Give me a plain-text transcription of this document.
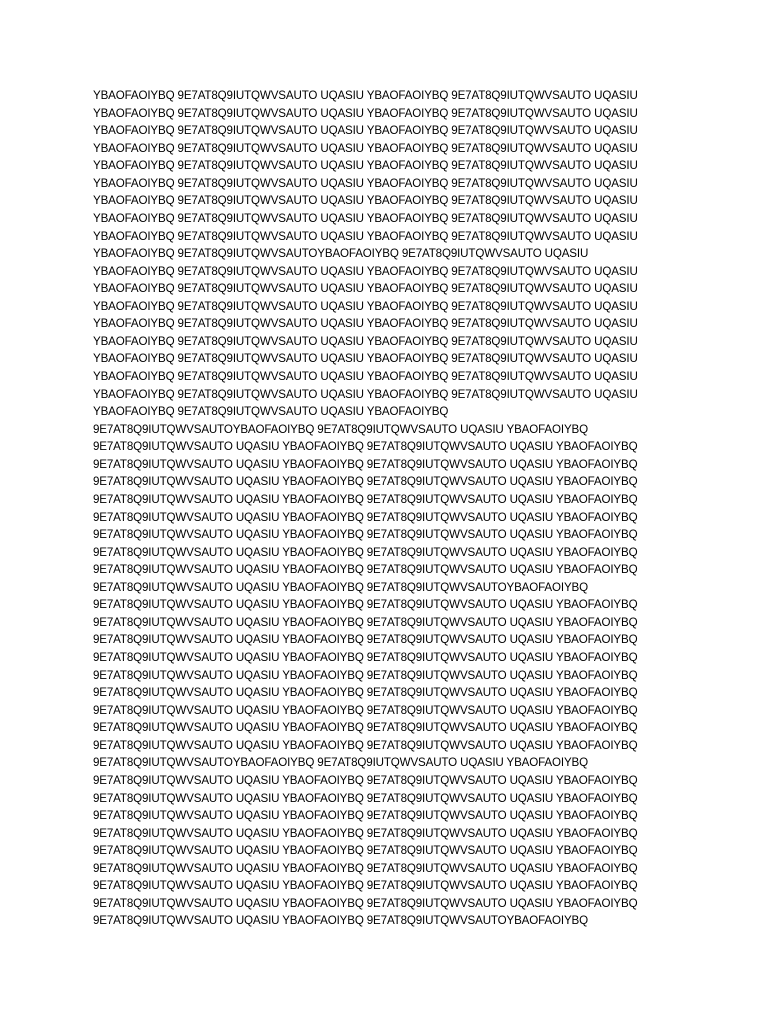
YBAOFAOIYBQ 9E7AT8Q9IUTQWVSAUTO UQASIU YBAOFAOIYBQ 9E7AT8Q9IUTQWVSAUTO UQASIU
YBAOFAOIYBQ 9E7AT8Q9IUTQWVSAUTO UQASIU YBAOFAOIYBQ 9E7AT8Q9IUTQWVSAUTO UQASIU
YBAOFAOIYBQ 9E7AT8Q9IUTQWVSAUTO UQASIU YBAOFAOIYBQ 9E7AT8Q9IUTQWVSAUTO UQASIU
YBAOFAOIYBQ 9E7AT8Q9IUTQWVSAUTO UQASIU YBAOFAOIYBQ 9E7AT8Q9IUTQWVSAUTO UQASIU
YBAOFAOIYBQ 9E7AT8Q9IUTQWVSAUTO UQASIU YBAOFAOIYBQ 9E7AT8Q9IUTQWVSAUTO UQASIU
YBAOFAOIYBQ 9E7AT8Q9IUTQWVSAUTO UQASIU YBAOFAOIYBQ 9E7AT8Q9IUTQWVSAUTO UQASIU
YBAOFAOIYBQ 9E7AT8Q9IUTQWVSAUTO UQASIU YBAOFAOIYBQ 9E7AT8Q9IUTQWVSAUTO UQASIU
YBAOFAOIYBQ 9E7AT8Q9IUTQWVSAUTO UQASIU YBAOFAOIYBQ 9E7AT8Q9IUTQWVSAUTO UQASIU
YBAOFAOIYBQ 9E7AT8Q9IUTQWVSAUTO UQASIU YBAOFAOIYBQ 9E7AT8Q9IUTQWVSAUTO UQASIU
YBAOFAOIYBQ 9E7AT8Q9IUTQWVSAUTOYBAOFAOIYBQ 9E7AT8Q9IUTQWVSAUTO UQASIU
YBAOFAOIYBQ 9E7AT8Q9IUTQWVSAUTO UQASIU YBAOFAOIYBQ 9E7AT8Q9IUTQWVSAUTO UQASIU
YBAOFAOIYBQ 9E7AT8Q9IUTQWVSAUTO UQASIU YBAOFAOIYBQ 9E7AT8Q9IUTQWVSAUTO UQASIU
YBAOFAOIYBQ 9E7AT8Q9IUTQWVSAUTO UQASIU YBAOFAOIYBQ 9E7AT8Q9IUTQWVSAUTO UQASIU
YBAOFAOIYBQ 9E7AT8Q9IUTQWVSAUTO UQASIU YBAOFAOIYBQ 9E7AT8Q9IUTQWVSAUTO UQASIU
YBAOFAOIYBQ 9E7AT8Q9IUTQWVSAUTO UQASIU YBAOFAOIYBQ 9E7AT8Q9IUTQWVSAUTO UQASIU
YBAOFAOIYBQ 9E7AT8Q9IUTQWVSAUTO UQASIU YBAOFAOIYBQ 9E7AT8Q9IUTQWVSAUTO UQASIU
YBAOFAOIYBQ 9E7AT8Q9IUTQWVSAUTO UQASIU YBAOFAOIYBQ 9E7AT8Q9IUTQWVSAUTO UQASIU
YBAOFAOIYBQ 9E7AT8Q9IUTQWVSAUTO UQASIU YBAOFAOIYBQ 9E7AT8Q9IUTQWVSAUTO UQASIU
YBAOFAOIYBQ 9E7AT8Q9IUTQWVSAUTO UQASIU YBAOFAOIYBQ
9E7AT8Q9IUTQWVSAUTOYBAOFAOIYBQ 9E7AT8Q9IUTQWVSAUTO UQASIU YBAOFAOIYBQ
9E7AT8Q9IUTQWVSAUTO UQASIU YBAOFAOIYBQ 9E7AT8Q9IUTQWVSAUTO UQASIU YBAOFAOIYBQ
9E7AT8Q9IUTQWVSAUTO UQASIU YBAOFAOIYBQ 9E7AT8Q9IUTQWVSAUTO UQASIU YBAOFAOIYBQ
9E7AT8Q9IUTQWVSAUTO UQASIU YBAOFAOIYBQ 9E7AT8Q9IUTQWVSAUTO UQASIU YBAOFAOIYBQ
9E7AT8Q9IUTQWVSAUTO UQASIU YBAOFAOIYBQ 9E7AT8Q9IUTQWVSAUTO UQASIU YBAOFAOIYBQ
9E7AT8Q9IUTQWVSAUTO UQASIU YBAOFAOIYBQ 9E7AT8Q9IUTQWVSAUTO UQASIU YBAOFAOIYBQ
9E7AT8Q9IUTQWVSAUTO UQASIU YBAOFAOIYBQ 9E7AT8Q9IUTQWVSAUTO UQASIU YBAOFAOIYBQ
9E7AT8Q9IUTQWVSAUTO UQASIU YBAOFAOIYBQ 9E7AT8Q9IUTQWVSAUTO UQASIU YBAOFAOIYBQ
9E7AT8Q9IUTQWVSAUTO UQASIU YBAOFAOIYBQ 9E7AT8Q9IUTQWVSAUTO UQASIU YBAOFAOIYBQ
9E7AT8Q9IUTQWVSAUTO UQASIU YBAOFAOIYBQ 9E7AT8Q9IUTQWVSAUTOYBAOFAOIYBQ
9E7AT8Q9IUTQWVSAUTO UQASIU YBAOFAOIYBQ 9E7AT8Q9IUTQWVSAUTO UQASIU YBAOFAOIYBQ
9E7AT8Q9IUTQWVSAUTO UQASIU YBAOFAOIYBQ 9E7AT8Q9IUTQWVSAUTO UQASIU YBAOFAOIYBQ
9E7AT8Q9IUTQWVSAUTO UQASIU YBAOFAOIYBQ 9E7AT8Q9IUTQWVSAUTO UQASIU YBAOFAOIYBQ
9E7AT8Q9IUTQWVSAUTO UQASIU YBAOFAOIYBQ 9E7AT8Q9IUTQWVSAUTO UQASIU YBAOFAOIYBQ
9E7AT8Q9IUTQWVSAUTO UQASIU YBAOFAOIYBQ 9E7AT8Q9IUTQWVSAUTO UQASIU YBAOFAOIYBQ
9E7AT8Q9IUTQWVSAUTO UQASIU YBAOFAOIYBQ 9E7AT8Q9IUTQWVSAUTO UQASIU YBAOFAOIYBQ
9E7AT8Q9IUTQWVSAUTO UQASIU YBAOFAOIYBQ 9E7AT8Q9IUTQWVSAUTO UQASIU YBAOFAOIYBQ
9E7AT8Q9IUTQWVSAUTO UQASIU YBAOFAOIYBQ 9E7AT8Q9IUTQWVSAUTO UQASIU YBAOFAOIYBQ
9E7AT8Q9IUTQWVSAUTO UQASIU YBAOFAOIYBQ 9E7AT8Q9IUTQWVSAUTO UQASIU YBAOFAOIYBQ
9E7AT8Q9IUTQWVSAUTOYBAOFAOIYBQ 9E7AT8Q9IUTQWVSAUTO UQASIU YBAOFAOIYBQ
9E7AT8Q9IUTQWVSAUTO UQASIU YBAOFAOIYBQ 9E7AT8Q9IUTQWVSAUTO UQASIU YBAOFAOIYBQ
9E7AT8Q9IUTQWVSAUTO UQASIU YBAOFAOIYBQ 9E7AT8Q9IUTQWVSAUTO UQASIU YBAOFAOIYBQ
9E7AT8Q9IUTQWVSAUTO UQASIU YBAOFAOIYBQ 9E7AT8Q9IUTQWVSAUTO UQASIU YBAOFAOIYBQ
9E7AT8Q9IUTQWVSAUTO UQASIU YBAOFAOIYBQ 9E7AT8Q9IUTQWVSAUTO UQASIU YBAOFAOIYBQ
9E7AT8Q9IUTQWVSAUTO UQASIU YBAOFAOIYBQ 9E7AT8Q9IUTQWVSAUTO UQASIU YBAOFAOIYBQ
9E7AT8Q9IUTQWVSAUTO UQASIU YBAOFAOIYBQ 9E7AT8Q9IUTQWVSAUTO UQASIU YBAOFAOIYBQ
9E7AT8Q9IUTQWVSAUTO UQASIU YBAOFAOIYBQ 9E7AT8Q9IUTQWVSAUTO UQASIU YBAOFAOIYBQ
9E7AT8Q9IUTQWVSAUTO UQASIU YBAOFAOIYBQ 9E7AT8Q9IUTQWVSAUTO UQASIU YBAOFAOIYBQ
9E7AT8Q9IUTQWVSAUTO UQASIU YBAOFAOIYBQ 9E7AT8Q9IUTQWVSAUTOYBAOFAOIYBQ
